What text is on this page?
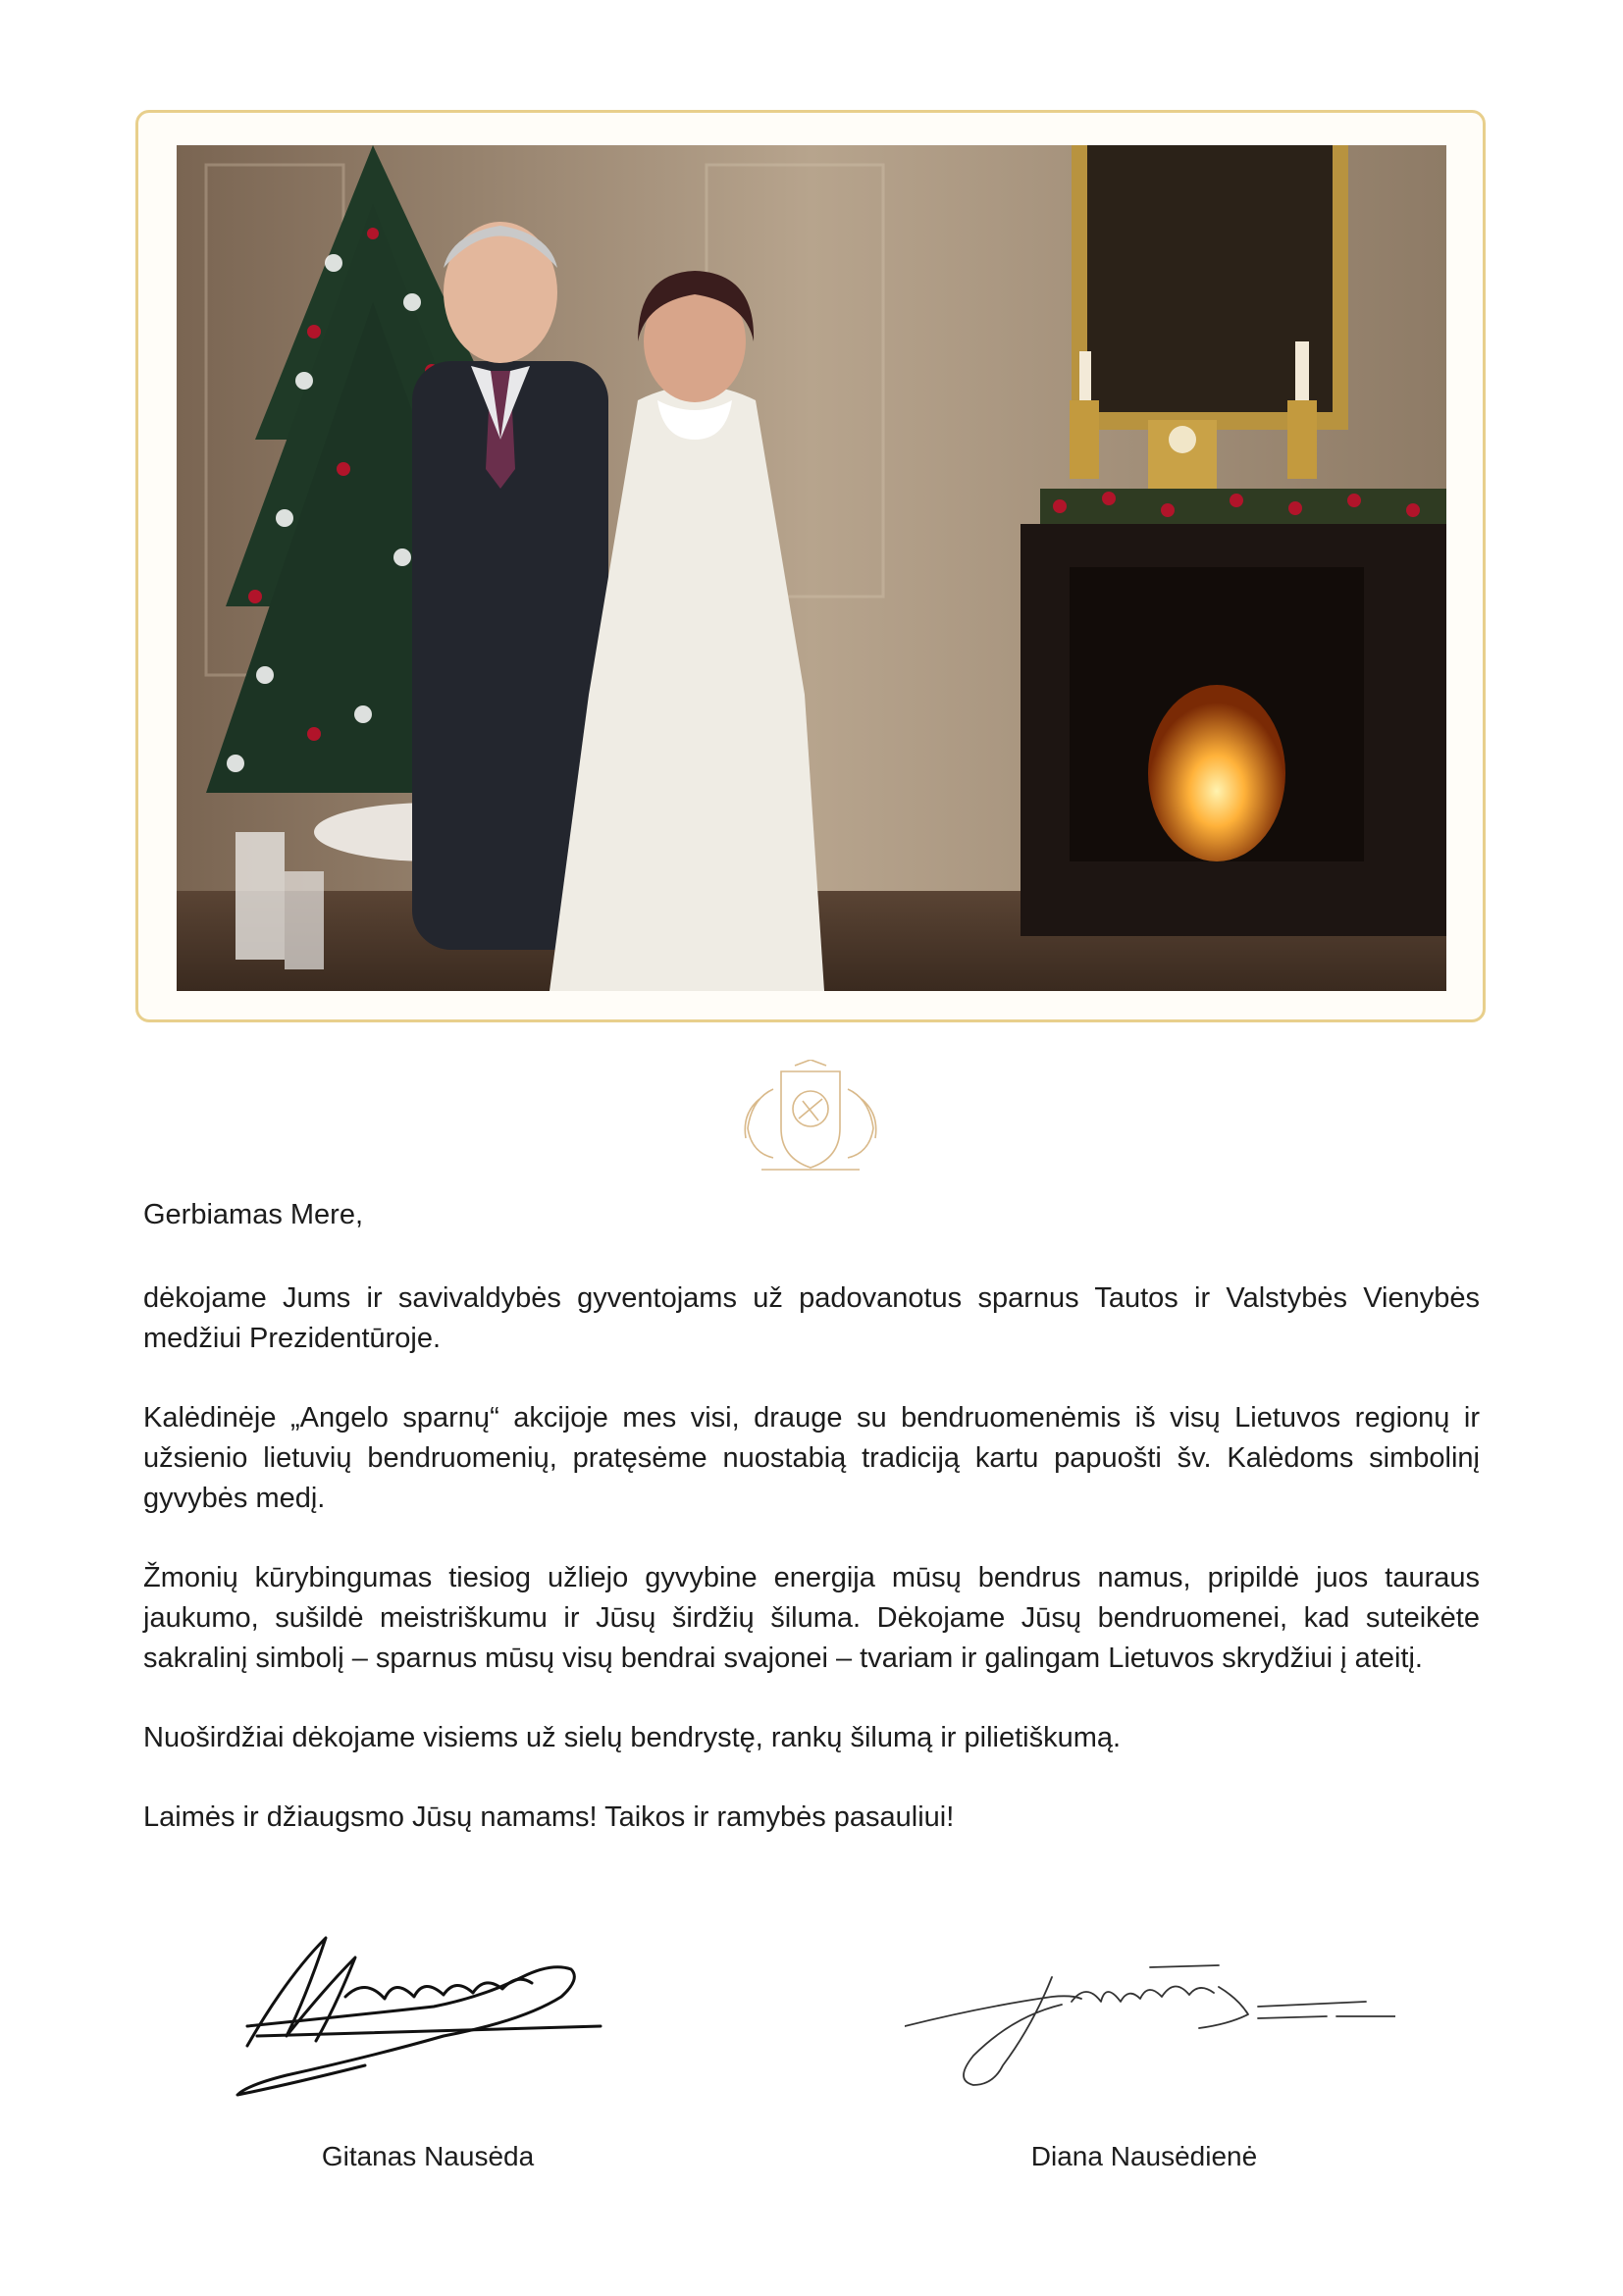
Gerbiamas Mere,

dėkojame Jums ir savivaldybės gyventojams už padovanotus sparnus Tautos ir Valstybės Vienybės medžiui Prezidentūroje.

Kalėdinėje „Angelo sparnų“ akcijoje mes visi, drauge su bendruomenėmis iš visų Lietuvos regionų ir užsienio lietuvių bendruomenių, pratęsėme nuostabią tradiciją kartu papuošti šv. Kalėdoms simbolinį gyvybės medį.

Žmonių kūrybingumas tiesiog užliejo gyvybine energija mūsų bendrus namus, pripildė juos tauraus jaukumo, sušildė meistriškumu ir Jūsų širdžių šiluma. Dėkojame Jūsų bendruomenei, kad suteikėte sakralinį simbolį – sparnus mūsų visų bendrai svajonei – tvariam ir galingam Lietuvos skrydžiui į ateitį.

Nuoširdžiai dėkojame visiems už sielų bendrystę, rankų šilumą ir pilietiškumą.

Laimės ir džiaugsmo Jūsų namams! Taikos ir ramybės pasauliui!

Gitanas Nausėda	Diana Nausėdienė
